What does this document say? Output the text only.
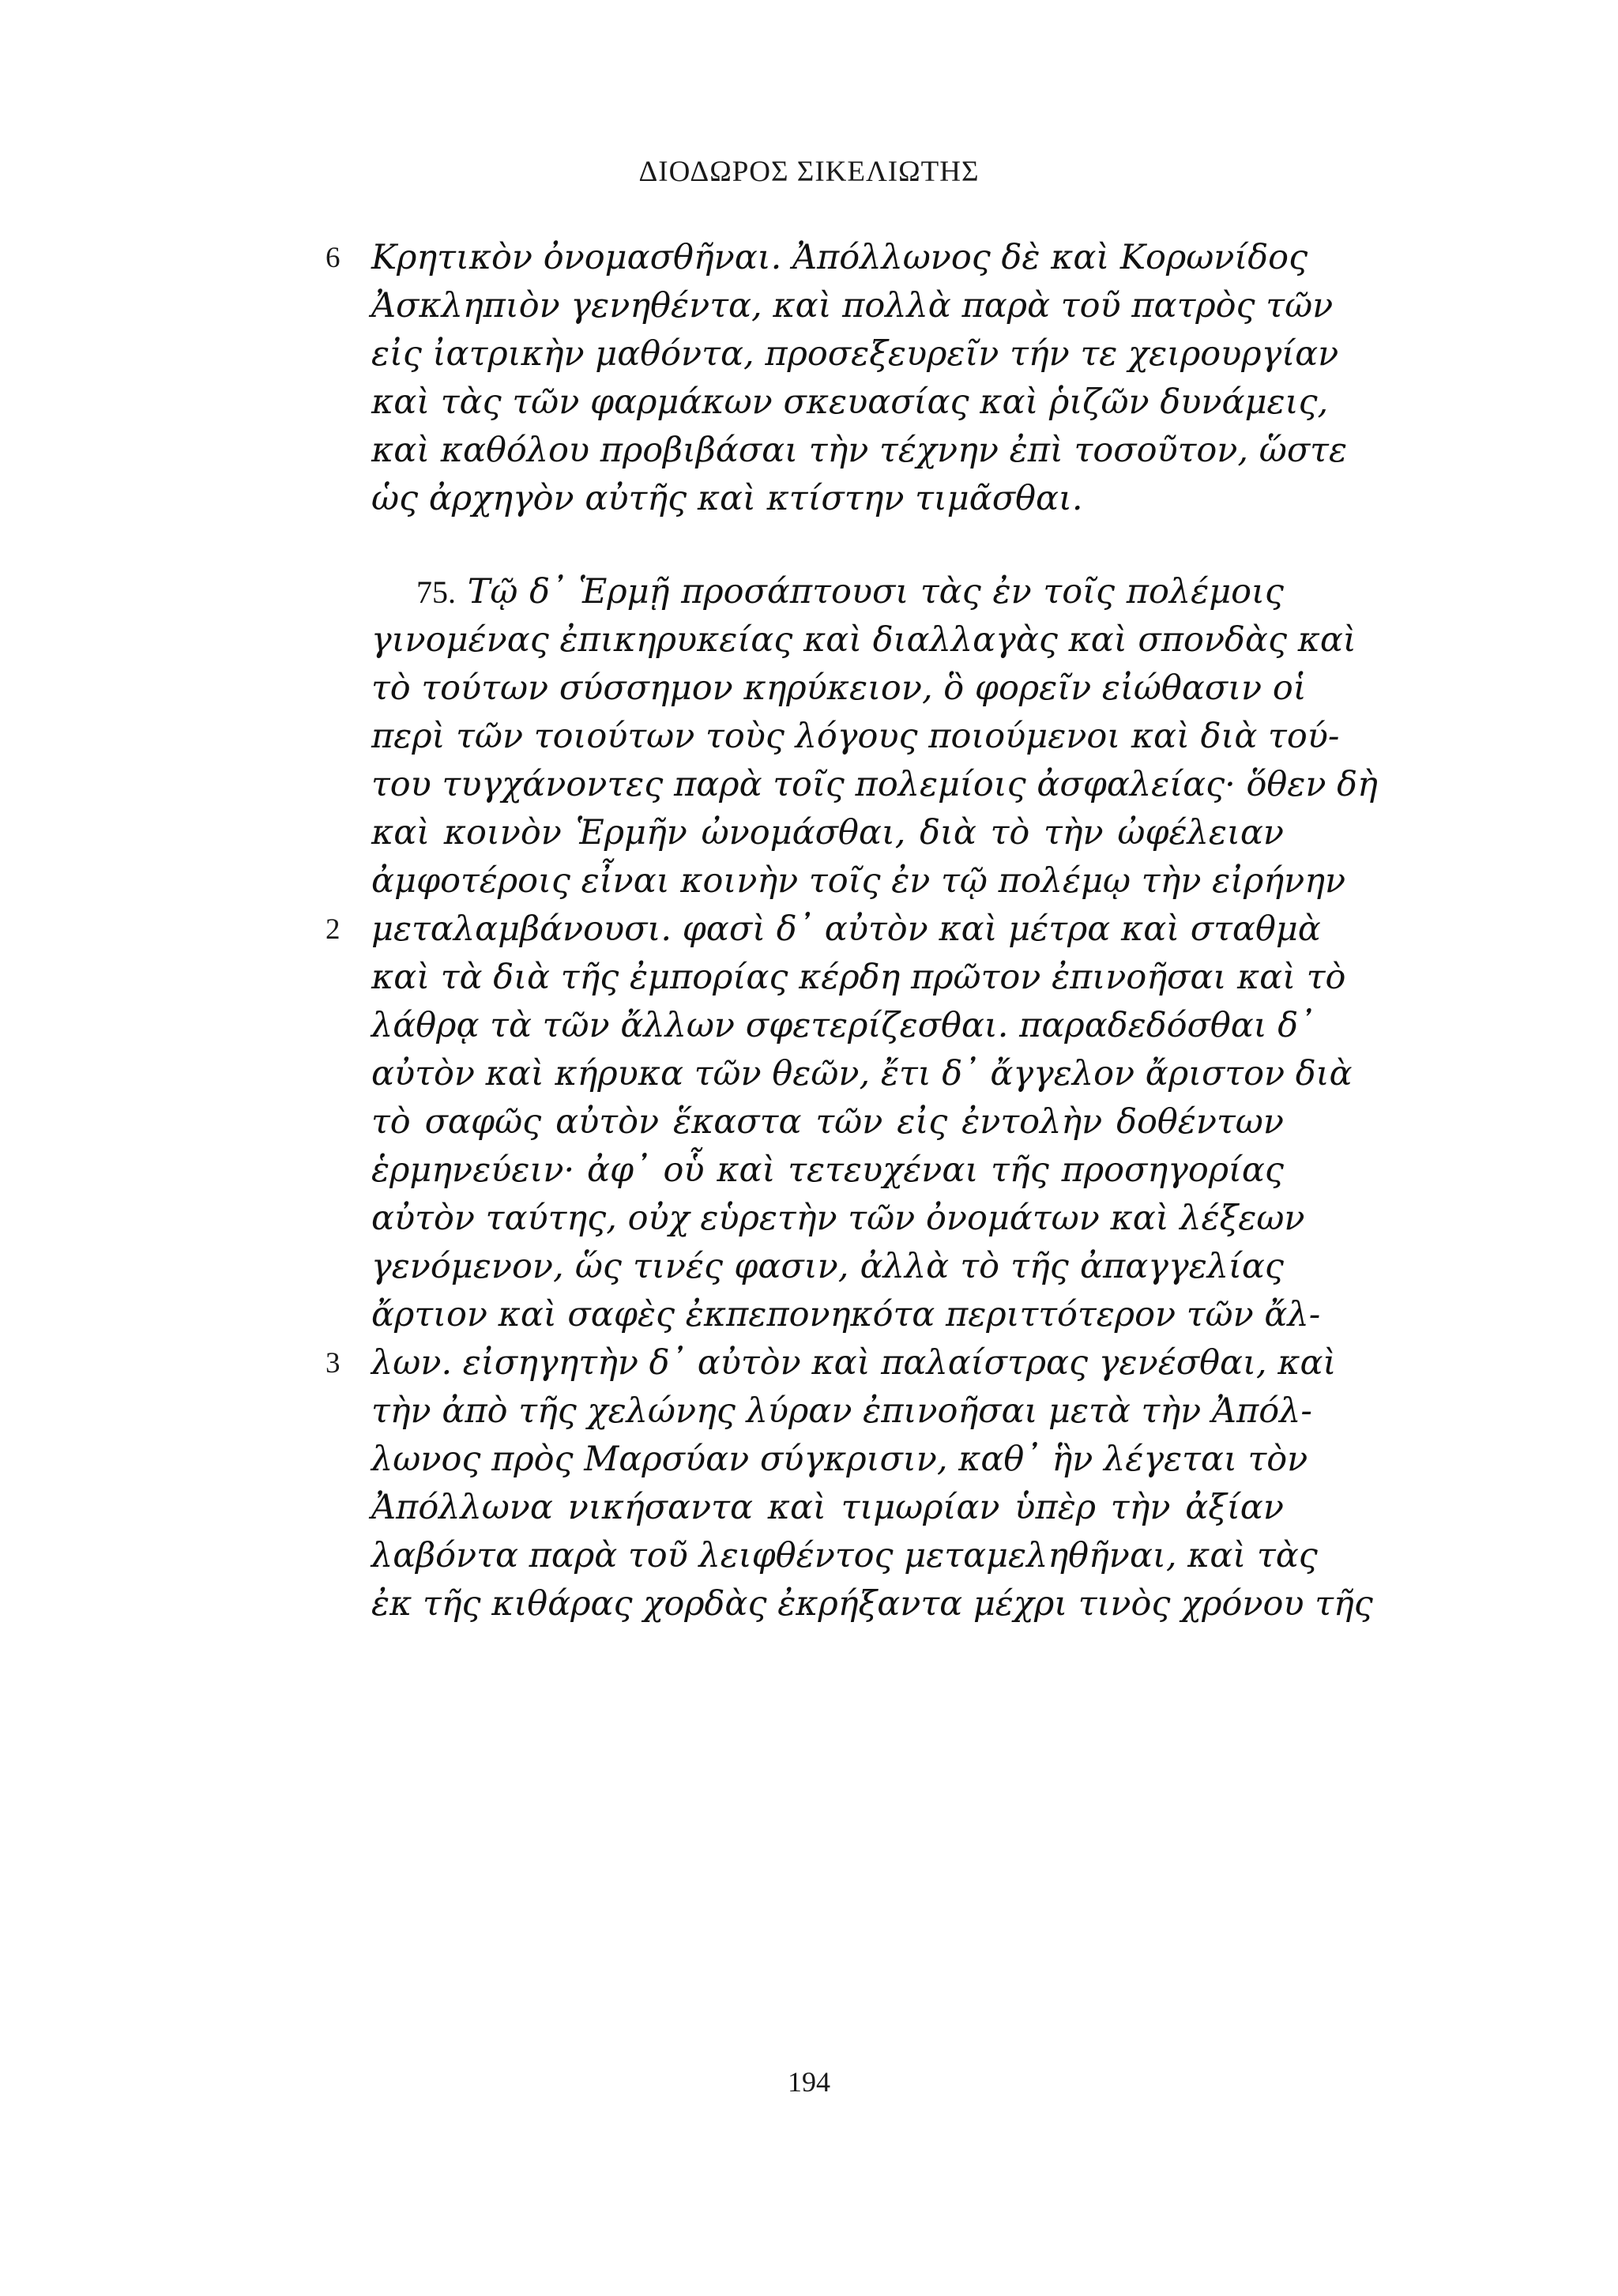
ΔΙΟΔΩΡΟΣ ΣΙΚΕΛΙΩΤΗΣ
6 Κρητικὸν ὀνομασθῆναι. Ἀπόλλωνος δὲ καὶ Κορωνίδος
Ἀσκληπιὸν γενηθέντα, καὶ πολλὰ παρὰ τοῦ πατρὸς τῶν
εἰς ἰατρικὴν μαθόντα, προσεξευρεῖν τήν τε χειρουργίαν
καὶ τὰς τῶν φαρμάκων σκευασίας καὶ ῥιζῶν δυνάμεις,
καὶ καθόλου προβιβάσαι τὴν τέχνην ἐπὶ τοσοῦτον, ὥστε
ὡς ἀρχηγὸν αὐτῆς καὶ κτίστην τιμᾶσθαι.
75. Τῷ δ᾽ Ἑρμῇ προσάπτουσι τὰς ἐν τοῖς πολέμοις
γινομένας ἐπικηρυκείας καὶ διαλλαγὰς καὶ σπονδὰς καὶ
τὸ τούτων σύσσημον κηρύκειον, ὃ φορεῖν εἰώθασιν οἱ
περὶ τῶν τοιούτων τοὺς λόγους ποιούμενοι καὶ διὰ τού-
του τυγχάνοντες παρὰ τοῖς πολεμίοις ἀσφαλείας· ὅθεν δὴ
καὶ κοινὸν Ἑρμῆν ὠνομάσθαι, διὰ τὸ τὴν ὠφέλειαν
ἀμφοτέροις εἶναι κοινὴν τοῖς ἐν τῷ πολέμῳ τὴν εἰρήνην
2 μεταλαμβάνουσι. φασὶ δ᾽ αὐτὸν καὶ μέτρα καὶ σταθμὰ
καὶ τὰ διὰ τῆς ἐμπορίας κέρδη πρῶτον ἐπινοῆσαι καὶ τὸ
λάθρᾳ τὰ τῶν ἄλλων σφετερίζεσθαι. παραδεδόσθαι δ᾽
αὐτὸν καὶ κήρυκα τῶν θεῶν, ἔτι δ᾽ ἄγγελον ἄριστον διὰ
τὸ σαφῶς αὐτὸν ἕκαστα τῶν εἰς ἐντολὴν δοθέντων
ἑρμηνεύειν· ἀφ᾽ οὗ καὶ τετευχέναι τῆς προσηγορίας
αὐτὸν ταύτης, οὐχ εὑρετὴν τῶν ὀνομάτων καὶ λέξεων
γενόμενον, ὥς τινές φασιν, ἀλλὰ τὸ τῆς ἀπαγγελίας
ἄρτιον καὶ σαφὲς ἐκπεπονηκότα περιττότερον τῶν ἄλ-
3 λων. εἰσηγητὴν δ᾽ αὐτὸν καὶ παλαίστρας γενέσθαι, καὶ
τὴν ἀπὸ τῆς χελώνης λύραν ἐπινοῆσαι μετὰ τὴν Ἀπόλ-
λωνος πρὸς Μαρσύαν σύγκρισιν, καθ᾽ ἣν λέγεται τὸν
Ἀπόλλωνα νικήσαντα καὶ τιμωρίαν ὑπὲρ τὴν ἀξίαν
λαβόντα παρὰ τοῦ λειφθέντος μεταμεληθῆναι, καὶ τὰς
ἐκ τῆς κιθάρας χορδὰς ἐκρήξαντα μέχρι τινὸς χρόνου τῆς
194
